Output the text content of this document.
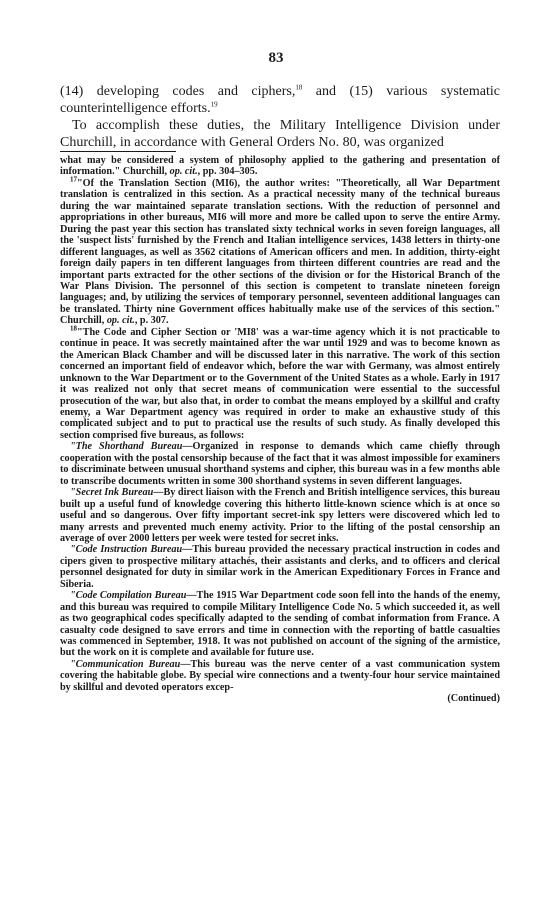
83

(14) developing codes and ciphers,$^{18}$ and (15) various systematic counterintelligence efforts.$^{19}$

To accomplish these duties, the Military Intelligence Division under Churchill, in accordance with General Orders No. 80, was organized

what may be considered a system of philosophy applied to the gathering and presentation of information." Churchill, op. cit., pp. 304–305.

$^{17}$"Of the Translation Section (MI6), the author writes: "Theoretically, all War Department translation is centralized in this section. As a practical necessity many of the technical bureaus during the war maintained separate translation sections. With the reduction of personnel and appropriations in other bureaus, MI6 will more and more be called upon to serve the entire Army. During the past year this section has translated sixty technical works in seven foreign languages, all the 'suspect lists' furnished by the French and Italian intelligence services, 1438 letters in thirty-one different languages, as well as 3562 citations of American officers and men. In addition, thirty-eight foreign daily papers in ten different languages from thirteen different countries are read and the important parts extracted for the other sections of the division or for the Historical Branch of the War Plans Division. The personnel of this section is competent to translate nineteen foreign languages; and, by utilizing the services of temporary personnel, seventeen additional languages can be translated. Thirty nine Government offices habitually make use of the services of this section." Churchill, op. cit., p. 307.

$^{18}$"The Code and Cipher Section or 'MI8' was a war-time agency which it is not practicable to continue in peace. It was secretly maintained after the war until 1929 and was to become known as the American Black Chamber and will be discussed later in this narrative. The work of this section concerned an important field of endeavor which, before the war with Germany, was almost entirely unknown to the War Department or to the Government of the United States as a whole. Early in 1917 it was realized not only that secret means of communication were essential to the successful prosecution of the war, but also that, in order to combat the means employed by a skillful and crafty enemy, a War Department agency was required in order to make an exhaustive study of this complicated subject and to put to practical use the results of such study. As finally developed this section comprised five bureaus, as follows:

"The Shorthand Bureau—Organized in response to demands which came chiefly through cooperation with the postal censorship because of the fact that it was almost impossible for examiners to discriminate between unusual shorthand systems and cipher, this bureau was in a few months able to transcribe documents written in some 300 shorthand systems in seven different languages.

"Secret Ink Bureau—By direct liaison with the French and British intelligence services, this bureau built up a useful fund of knowledge covering this hitherto little-known science which is at once so useful and so dangerous. Over fifty important secret-ink spy letters were discovered which led to many arrests and prevented much enemy activity. Prior to the lifting of the postal censorship an average of over 2000 letters per week were tested for secret inks.

"Code Instruction Bureau—This bureau provided the necessary practical instruction in codes and cipers given to prospective military attachés, their assistants and clerks, and to officers and clerical personnel designated for duty in similar work in the American Expeditionary Forces in France and Siberia.

"Code Compilation Bureau—The 1915 War Department code soon fell into the hands of the enemy, and this bureau was required to compile Military Intelligence Code No. 5 which succeeded it, as well as two geographical codes specifically adapted to the sending of combat information from France. A casualty code designed to save errors and time in connection with the reporting of battle casualties was commenced in September, 1918. It was not published on account of the signing of the armistice, but the work on it is complete and available for future use.

"Communication Bureau—This bureau was the nerve center of a vast communication system covering the habitable globe. By special wire connections and a twenty-four hour service maintained by skillful and devoted operators excep-

(Continued)
